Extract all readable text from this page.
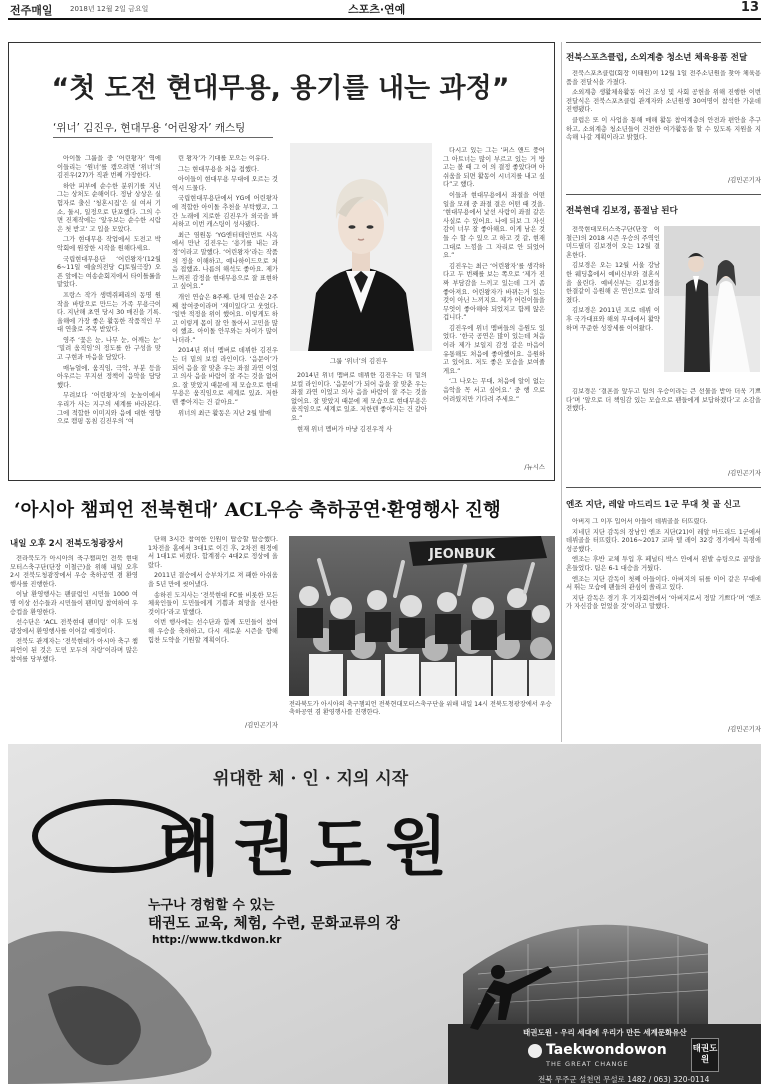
전주매일 2018년 12월 2일 금요일	스포츠·연예	13
“첫 도전 현대무용, 용기를 내는 과정”
‘위너’ 김진우, 현대무용 ‘어린왕자’ 캐스팅

아이돌 그룹을 중 ‘어린왕자’ 역에 이들리는 ‘원너’를 캠으려면 ‘위너’의 김진우(27)가 직관 번째 가장한다.

하얀 피부에 순수한 분위기를 지닌 그는 상처도 순해이다. 정남 상상은 실험자로 출신 ‘청혼시집’은 실 여서 기소, 둘시, 일정으로 단포했다. 그의 수면 진제작에는 ‘앞우보는 순수한 시람은 첫 받고’ 고 입을 모았다.

그가 현대무용 작업에서 도전고 박악회에 원장한 시작을 원해다세요.

국립현대무용단 ‘어린왕자’(12월 6~11일 예술의전당 CJ토월극장) 오픈 앞에는 여송순회지에서 타이틀롤을 맡았다.

프랑스 작가 생텍쥐페리의 동명 원작을 바탕으로 만드는 가족 무용극이다. 지난해 초연 당시 30 매진을 기록. 올해에 가장 좋은 활동한 작품적인 무대 연출로 주목 받았다.

영주 ‘꽃은 눈, 나무 눈, 어깨는 눈’ ‘밀려 움직임’의 정도를 한 구성을 맞고 구현과 마음을 담았다.

매뉴얼에, 움직임, 극악, 부분 등을 아우르는 무지션 정책이 음악을 담당했다.

무려보다 ‘어린왕자’의 눈높이에서 우리가 사는 지구의 세계를 바라본다. 그에 적합한 이미지와 음에 대한 영향으로 캠핑 동침 김진우의 ‘여

린 왕자’가 기대를 모으는 이유다.

그는 현대무용을 처음 접했다.

아이들이 현대무용 무대에 오르는 것 역시 드물다.

국립현대무용단에서 YG에 어린왕자에 적합한 아이돌 추천을 부탁했고, 그간 노래에 지로한 김진우가 외국을 봐서하고 이번 캐스팅이 성사됐다.

최근 염원동 ‘YG엔터테인먼트 사옥에서 만난 김진우는 ‘용기를 내는 과정’이라고 말했다. ‘어린왕자’라는 작품의 정을 이해하고, 예나하이드으로 처음 접했죠. 나름의 해석도 좋아요. 제가 느껴진 감정을 현대무용으로 잘 표현하고 싶어요.”

개인 연습은 8주째. 단체 연습은 2주째 참여중이라며 ‘재미있다’고 웃었다. ‘일반 적정을 위이 했어요. 이렇게도 하고 이렇게 몸이 잘 안 돌아서 고민을 많이 했죠. 아이돌 안무와는 차이가 많이 나더라.”

2014년 위너 멤버로 데뷔한 김진우는 더 밑의 보컬 라인이다. ‘음문이’가 되어 음을 잘 맞춘 우는 좌절 과연 이었고 의사 음을 바람이 잘 주는 것을 없어요. 잘 맞았지 때문에 제 모습으로 현대무용은 움직임으로 세계로 있죠. 저한텐 좋아지는 건 같아요.”

위너의 최근 활동은 지난 2월 발매

그룹 ‘위너’의 김진우

2014년 위너 멤버로 데뷔한 김진우는 더 밑의 보컬 라인이다. ‘음문이’가 되어 음을 잘 맞춘 우는 좌절 과연 이었고 의사 음을 바람이 잘 주는 것을 없어요. 잘 맞았지 때문에 제 모습으로 현대무용은 움직임으로 세계로 있죠. 저한텐 좋아지는 건 같아요.”

현재 위너 멤버가 마냥 김진우적 사

다시고 있는 그는 ‘퍼스 앤드 풍어 그 아트너는 많이 부르고 있는 거 방고는 볼 때 그 이 의 결정 좋았다며 아쉬움을 되면 활동이 시너지를 내고 싶다”고 했다.

이들과 현대무용에서 좌절을 어떤 일을 모래 중 좌절 결은 어떤 때 것을. ‘현대무용에서 낯선 사람이 좌절 같은 사실로 수 있어요. 나에 되보 그 자신감이 너무 잘 좋아해요. 이게 남은 것들 수 할 수 있으 고 하고 것 같, 현재 그대로 느낌을 그 자리로 안 되었어요.”

김진우는 최근 ‘어린왕자’를 생각하다고 두 번째를 보는 쪽으로 ‘제가 진짜 부담감을 느끼고 있는데 그거 좀 좋아져요. 어린왕자가 바뀌는거 있는 것이 아닌 느끼지요. 제가 어린이들을 무엇이 좋아해야 되었지고 함께 않은 겁니다.”

김진우에 위너 멤버들의 응원도 있었다. ‘한국 공연은 많이 있는데 처음이라 제가 보일지 감정 같은 마음이 유통해도 처음에 좋아했어요. 응원하고 있어요. 저도 좋은 모습을 보여줄게요.”

‘그 나오는 무대, 처음에 알이 없는 음악을 꼭 서고 싶어요.’ 중 행 으로 어려웠지만 기다려 주세요.”

/뉴시스
‘아시아 챔피언 전북현대’ ACL우승 축하공연·환영행사 진행
내일 오후 2시 전북도청광장서

전라북도가 아시아의 축구챔피언 전북 현대모터스축구단(단장 이철근)을 위해 내일 오후 2시 전북도청광장에서 우승 축하공연 겸 환영행사를 진행한다.

이날 환영행사는 팬클럽인 시민들 1000 여명 이상 선수들과 시민들이 팬미팅 참여하여 우승컵을 환영한다.

선수단은 ‘ACL 전북현대 팬미팅’ 이후 도청 광장에서 환영행사를 이어갈 예정이다.

전북도 관계자는 ‘전북현대가 아시아 축구 챔피언이 된 것은 도민 모두의 자랑’이라며 많은 참여를 당부했다.

단해 3시간 참여한 인원이 탑승할 탑승했다. 1차전을 홈에서 3대1로 이긴 후, 2차전 원정에서 1대1로 비겼다. 합계점수 4대2로 정상에 올랐다.

2011년 결승에서 승부차기로 져 패한 아쉬움을 5년 만에 씻어냈다.

송하진 도지사는 ‘전북현대 FC를 비롯한 모든 체육인들이 도민들에게 기쁨과 희망을 선사한 것이다’라고 말했다.

이번 행사에는 선수단과 함께 도민들이 참여해 우승을 축하하고, 다시 새로운 시즌을 향해 힘찬 도약을 기원할 계획이다.

/김민곤기자
JEONBUK
전라북도가 아시아의 축구챔피언 전북현대모터스축구단을 위해 내일 14시 전북도청광장에서 우승 축하공연 겸 환영행사를 진행한다.
전북스포츠클럽, 소외계층 청소년 체육용품 전달

전북스포츠클럽(회장 이태원)이 12월 1일 전주소년원을 찾아 체육용품을 전달식을 가졌다.

소외계층 생활체육활동 여건 조성 및 사회 공헌을 위해 진행한 이번 전달식은 전북스포츠클럽 관계자와 소년원생 30여명이 참석한 가운데 진행됐다.

클럽은 또 이 사업을 통해 매해 활동 참여계층의 안전과 편안을 추구하고, 소외계층 청소년들이 건전한 여가활동을 할 수 있도록 지원을 지속해 나갈 계획이라고 밝혔다.

/김민곤기자
전북현대 김보경, 품절남 된다

전북현대모터스축구단(단장 이철근)의 2018 시즌 우승의 주역인 미드필더 김보경이 오는 12월 결혼한다.

김보경은 오는 12월 서울 강남 한 웨딩홀에서 예비신부와 결혼식을 올린다. 예비신부는 김보경을 한결같이 응원해 온 연인으로 알려졌다.

김보경은 2011년 프로 데뷔 이후 국가대표와 해외 무대에서 활약하며 꾸준한 성장세를 이어왔다.

김보경은 ‘결혼을 앞두고 팀의 우승이라는 큰 선물을 받아 더욱 기쁘다’며 ‘앞으로 더 책임감 있는 모습으로 팬들에게 보답하겠다’고 소감을 전했다.

/김민곤기자
엔조 지단, 레알 마드리드 1군 무대 첫 골 신고

아버지 그 이후 입어서 아들이 데뷔골을 터뜨렸다.

지네딘 지단 감독의 장남인 엔조 지단(21)이 레알 마드리드 1군에서 데뷔골을 터뜨렸다. 2016~2017 코파 델 레이 32강 경기에서 득점에 성공했다.

엔조는 후반 교체 투입 후 페널티 박스 안에서 왼발 슈팅으로 골망을 흔들었다. 팀은 6-1 대승을 거뒀다.

엔조는 지단 감독이 첫째 아들이다. 아버지의 뒤를 이어 같은 무대에서 뛰는 모습에 팬들의 관심이 쏠리고 있다.

지단 감독은 경기 후 기자회견에서 ‘아버지로서 정말 기쁘다’며 ‘엔조가 자신감을 얻었을 것’이라고 말했다.

/김민곤기자
위대한 체 · 인 · 지의 시작
태권도원
누구나 경험할 수 있는
태권도 교육, 체험, 수련, 문화교류의 장
http://www.tkdwon.kr
태권도원 - 우리 세대에 우리가 만든 세계문화유산
Taekwondowon
THE GREAT CHANGE
태권도원
전북 무주군 설천면 무설로 1482 / 063) 320-0114
